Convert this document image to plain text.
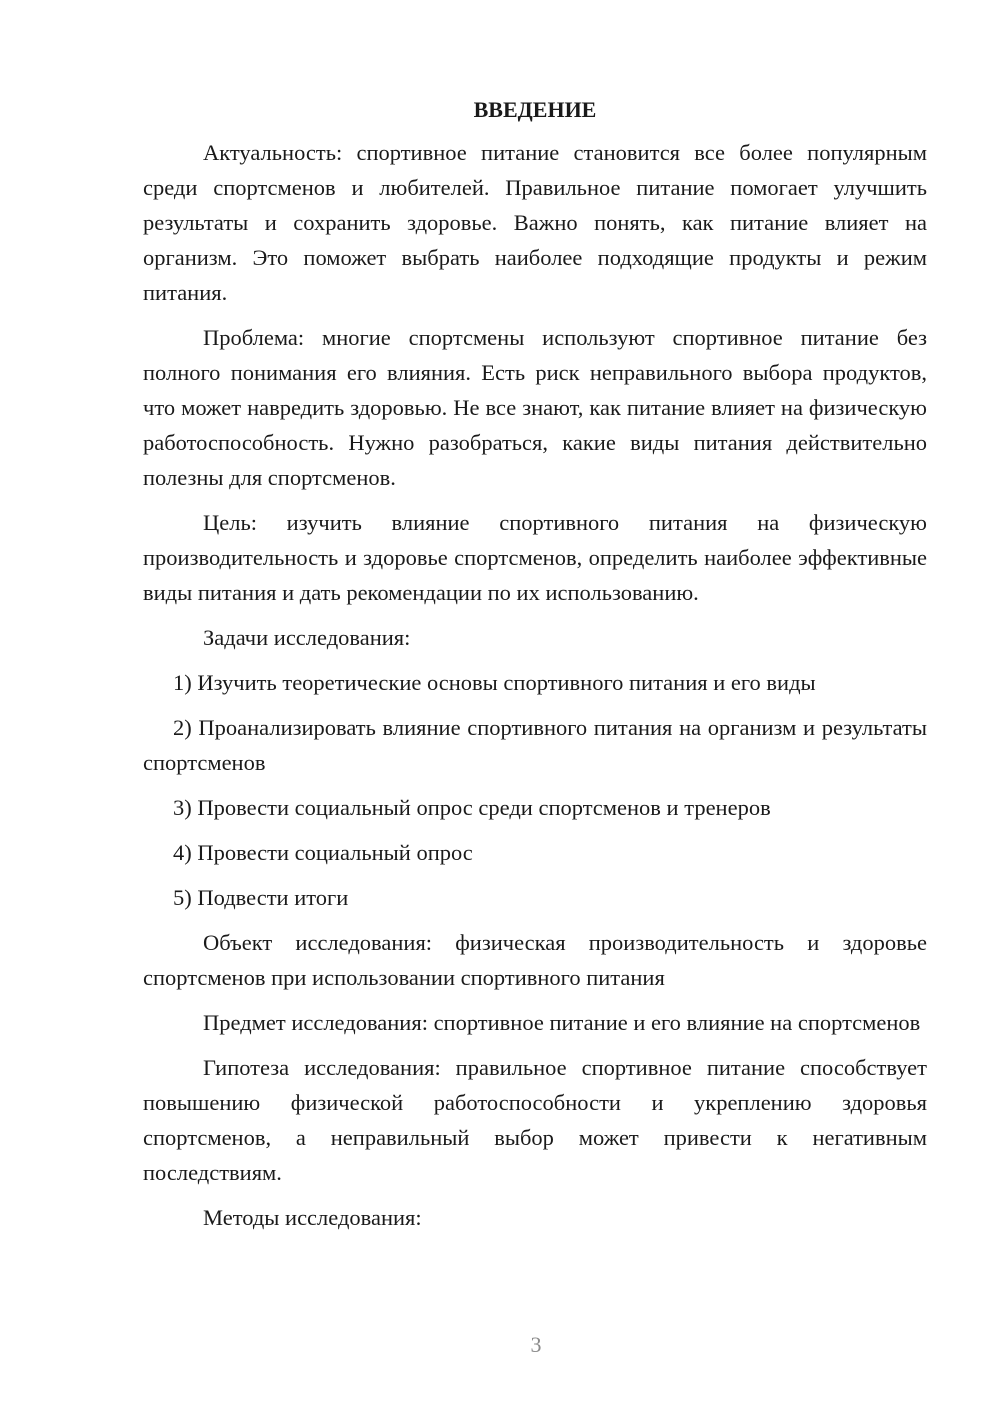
ВВЕДЕНИЕ

Актуальность: спортивное питание становится все более популярным среди спортсменов и любителей. Правильное питание помогает улучшить результаты и сохранить здоровье. Важно понять, как питание влияет на организм. Это поможет выбрать наиболее подходящие продукты и режим питания.

Проблема: многие спортсмены используют спортивное питание без полного понимания его влияния. Есть риск неправильного выбора продуктов, что может навредить здоровью. Не все знают, как питание влияет на физическую работоспособность. Нужно разобраться, какие виды питания действительно полезны для спортсменов.

Цель: изучить влияние спортивного питания на физическую производительность и здоровье спортсменов, определить наиболее эффективные виды питания и дать рекомендации по их использованию.

Задачи исследования:

1) Изучить теоретические основы спортивного питания и его виды

2) Проанализировать влияние спортивного питания на организм и результаты спортсменов

3) Провести социальный опрос среди спортсменов и тренеров

4) Провести социальный опрос

5) Подвести итоги

Объект исследования: физическая производительность и здоровье спортсменов при использовании спортивного питания

Предмет исследования: спортивное питание и его влияние на спортсменов

Гипотеза исследования: правильное спортивное питание способствует повышению физической работоспособности и укреплению здоровья спортсменов, а неправильный выбор может привести к негативным последствиям.

Методы исследования:

3
